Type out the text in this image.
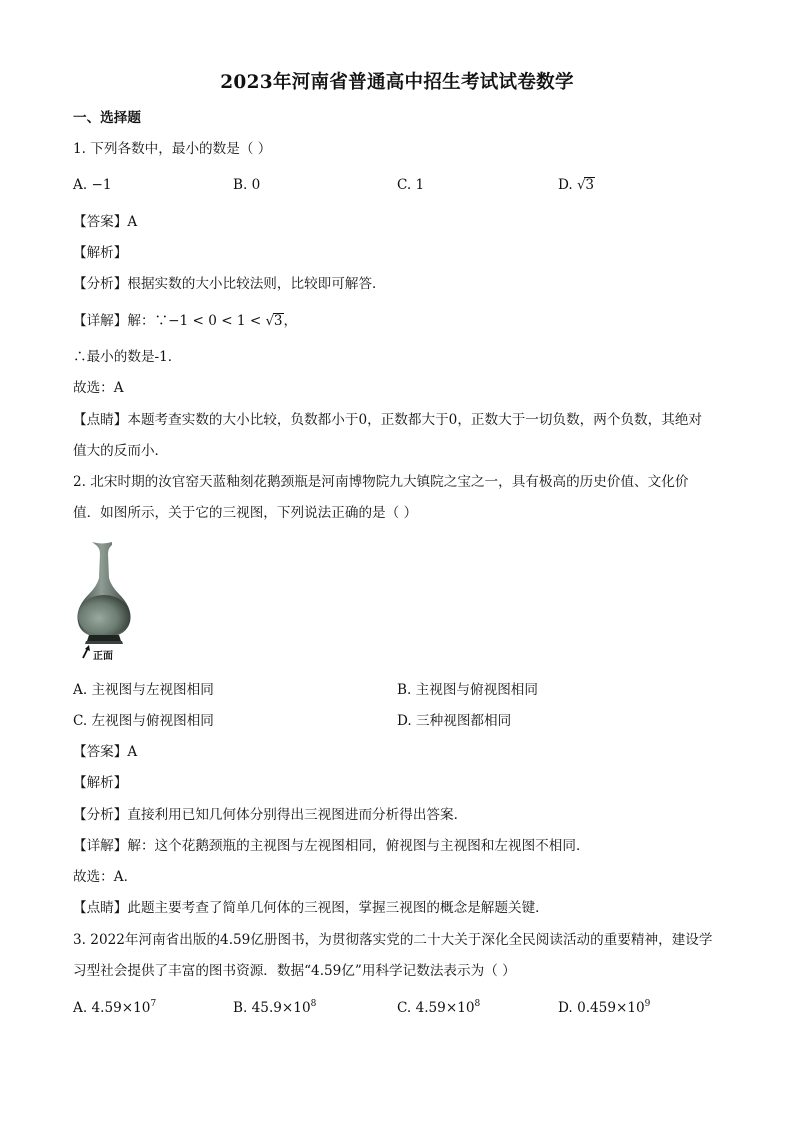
2023年河南省普通高中招生考试试卷数学
一、选择题
1. 下列各数中，最小的数是（ ）
A. −1	B. 0	C. 1	D. √3
【答案】A
【解析】
【分析】根据实数的大小比较法则，比较即可解答．
【详解】解：∵−1 < 0 < 1 < √3，
∴最小的数是-1．
故选：A
【点睛】本题考查实数的大小比较，负数都小于0，正数都大于0，正数大于一切负数，两个负数，其绝对
值大的反而小．
2. 北宋时期的汝官窑天蓝釉刻花鹅颈瓶是河南博物院九大镇院之宝之一，具有极高的历史价值、文化价
值．如图所示，关于它的三视图，下列说法正确的是（ ）
正面
A. 主视图与左视图相同	B. 主视图与俯视图相同
C. 左视图与俯视图相同	D. 三种视图都相同
【答案】A
【解析】
【分析】直接利用已知几何体分别得出三视图进而分析得出答案．
【详解】解：这个花鹅颈瓶的主视图与左视图相同，俯视图与主视图和左视图不相同．
故选：A．
【点睛】此题主要考查了简单几何体的三视图，掌握三视图的概念是解题关键．
3. 2022年河南省出版的4.59亿册图书，为贯彻落实党的二十大关于深化全民阅读活动的重要精神，建设学
习型社会提供了丰富的图书资源．数据“4.59亿”用科学记数法表示为（ ）
A. $4.59\times 10^7$	B. $45.9\times 10^8$	C. $4.59\times 10^8$	D. $0.459\times 10^9$
